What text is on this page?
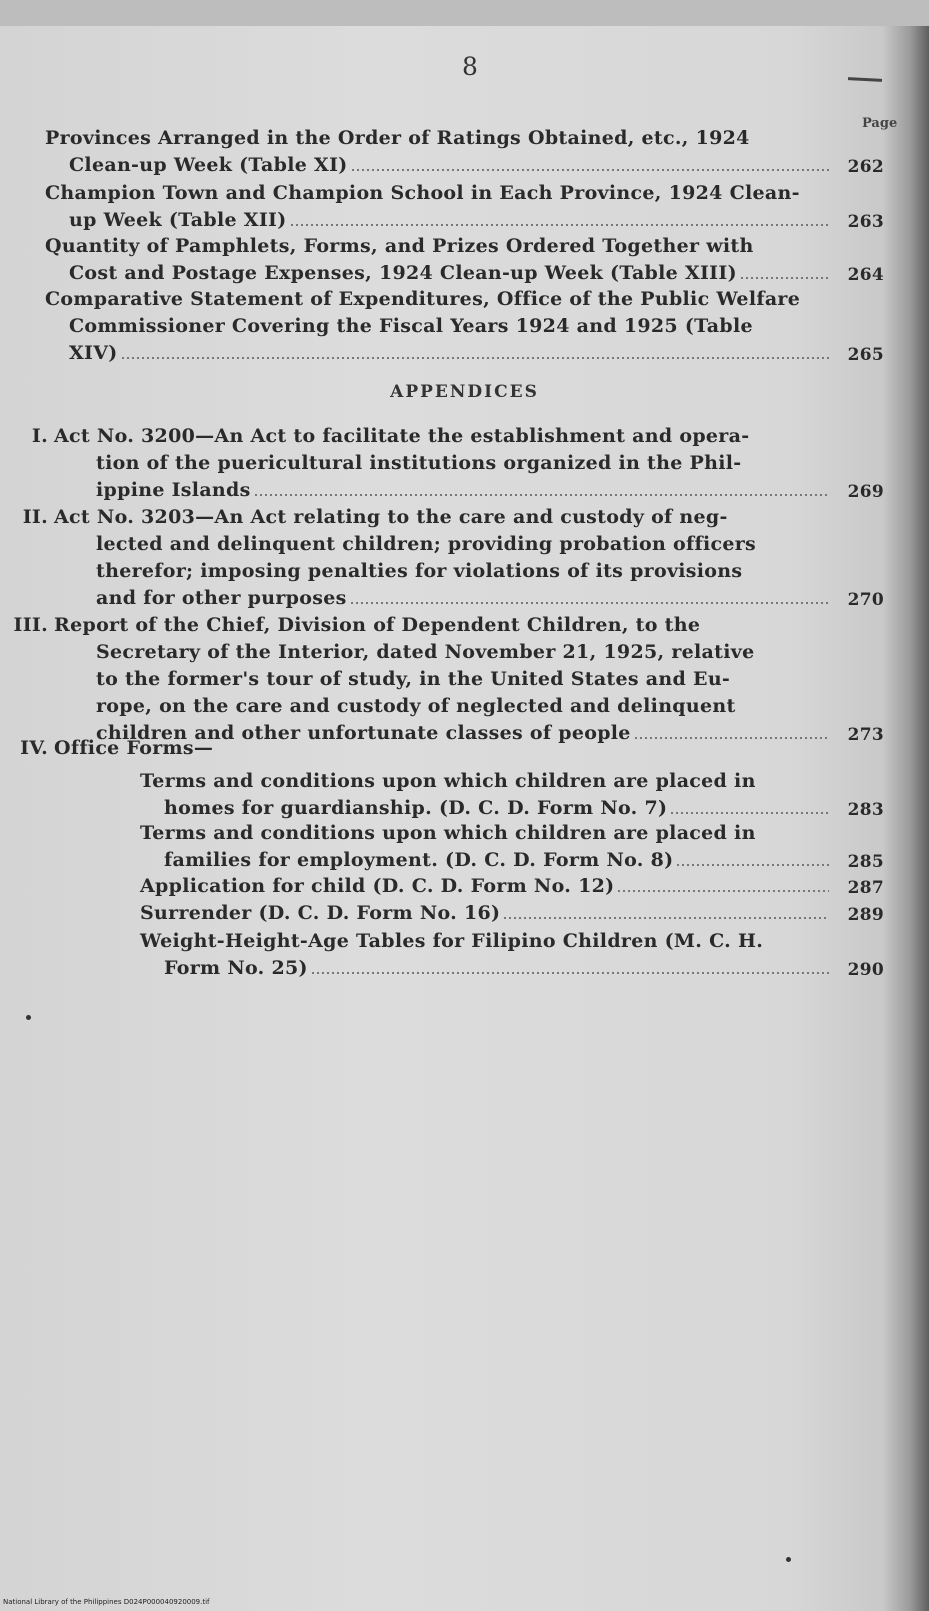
8
Page
Provinces Arranged in the Order of Ratings Obtained, etc., 1924
Clean-up Week (Table XI)	262
Champion Town and Champion School in Each Province, 1924 Clean-
up Week (Table XII)	263
Quantity of Pamphlets, Forms, and Prizes Ordered Together with
Cost and Postage Expenses, 1924 Clean-up Week (Table XIII)	264
Comparative Statement of Expenditures, Office of the Public Welfare
Commissioner Covering the Fiscal Years 1924 and 1925 (Table
XIV)	265
I. Act No. 3200—An Act to facilitate the establishment and opera-
tion of the puericultural institutions organized in the Phil-
ippine Islands	269
II. Act No. 3203—An Act relating to the care and custody of neg-
lected and delinquent children; providing probation officers
therefor; imposing penalties for violations of its provisions
and for other purposes	270
III. Report of the Chief, Division of Dependent Children, to the
Secretary of the Interior, dated November 21, 1925, relative
to the former's tour of study, in the United States and Eu-
rope, on the care and custody of neglected and delinquent
children and other unfortunate classes of people	273
IV. Office Forms—
Terms and conditions upon which children are placed in
homes for guardianship. (D. C. D. Form No. 7)	283
Terms and conditions upon which children are placed in
families for employment. (D. C. D. Form No. 8)	285
Application for child (D. C. D. Form No. 12)	287
Surrender (D. C. D. Form No. 16)	289
Weight-Height-Age Tables for Filipino Children (M. C. H.
Form No. 25)	290
APPENDICES
National Library of the Philippines D024P000040920009.tif
